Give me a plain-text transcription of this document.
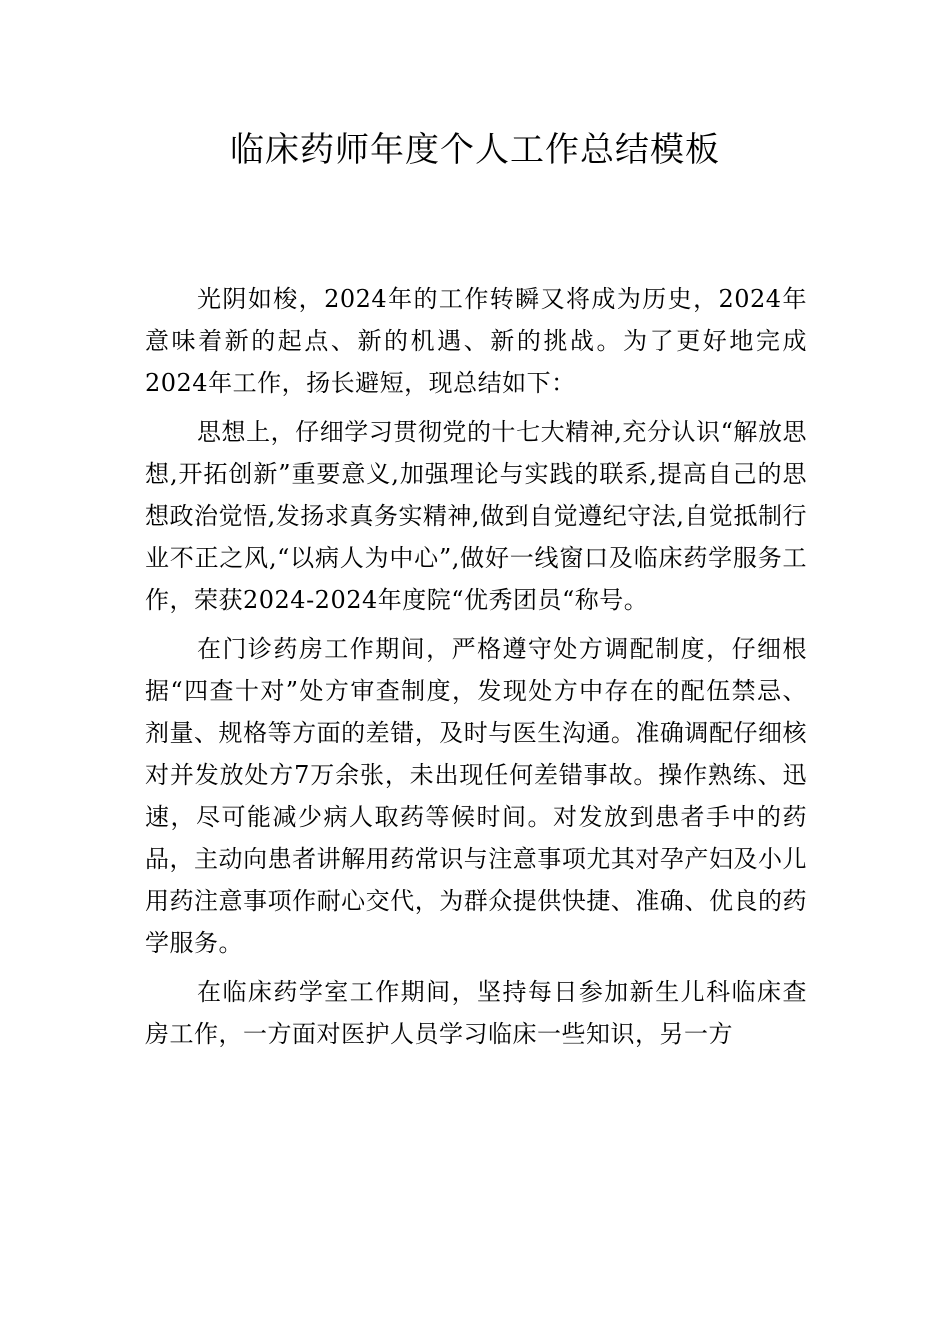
临床药师年度个人工作总结模板

光阴如梭，2024年的工作转瞬又将成为历史，2024年意味着新的起点、新的机遇、新的挑战。为了更好地完成2024年工作，扬长避短，现总结如下：

思想上，仔细学习贯彻党的十七大精神,充分认识“解放思想,开拓创新”重要意义,加强理论与实践的联系,提高自己的思想政治觉悟,发扬求真务实精神,做到自觉遵纪守法,自觉抵制行业不正之风,“以病人为中心”,做好一线窗口及临床药学服务工作，荣获2024-2024年度院“优秀团员“称号。

在门诊药房工作期间，严格遵守处方调配制度，仔细根据“四查十对”处方审查制度，发现处方中存在的配伍禁忌、剂量、规格等方面的差错，及时与医生沟通。准确调配仔细核对并发放处方7万余张，未出现任何差错事故。操作熟练、迅速，尽可能减少病人取药等候时间。对发放到患者手中的药品，主动向患者讲解用药常识与注意事项尤其对孕产妇及小儿用药注意事项作耐心交代，为群众提供快捷、准确、优良的药学服务。

在临床药学室工作期间，坚持每日参加新生儿科临床查房工作，一方面对医护人员学习临床一些知识，另一方
